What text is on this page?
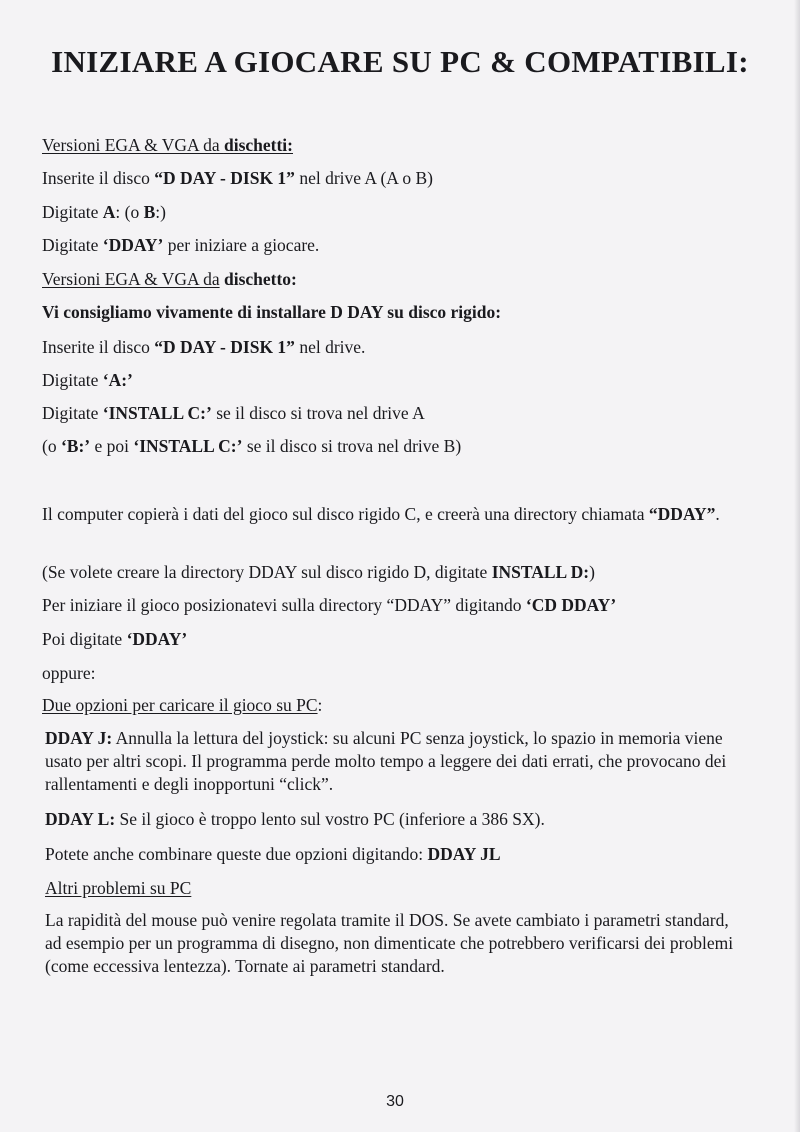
INIZIARE A GIOCARE SU PC & COMPATIBILI:
Versioni EGA & VGA da dischetti:
Inserite il disco “D DAY - DISK 1” nel drive A (A o B)
Digitate A: (o B:)
Digitate ‘DDAY’ per iniziare a giocare.
Versioni EGA & VGA da dischetto:
Vi consigliamo vivamente di installare D DAY su disco rigido:
Inserite il disco “D DAY - DISK 1” nel drive.
Digitate ‘A:’
Digitate ‘INSTALL C:’ se il disco si trova nel drive A
(o ‘B:’ e poi ‘INSTALL C:’ se il disco si trova nel drive B)
Il computer copierà i dati del gioco sul disco rigido C, e creerà una directory chiamata “DDAY”.
(Se volete creare la directory DDAY sul disco rigido D, digitate INSTALL D:)
Per iniziare il gioco posizionatevi sulla directory “DDAY” digitando ‘CD DDAY’
Poi digitate ‘DDAY’
oppure:
Due opzioni per caricare il gioco su PC:
DDAY J: Annulla la lettura del joystick: su alcuni PC senza joystick, lo spazio in memoria viene usato per altri scopi. Il programma perde molto tempo a leggere dei dati errati, che provocano dei rallentamenti e degli inopportuni “click”.
DDAY L: Se il gioco è troppo lento sul vostro PC (inferiore a 386 SX).
Potete anche combinare queste due opzioni digitando: DDAY JL
Altri problemi su PC
La rapidità del mouse può venire regolata tramite il DOS. Se avete cambiato i parametri standard, ad esempio per un programma di disegno, non dimenticate che potrebbero verificarsi dei problemi (come eccessiva lentezza). Tornate ai parametri standard.
30
